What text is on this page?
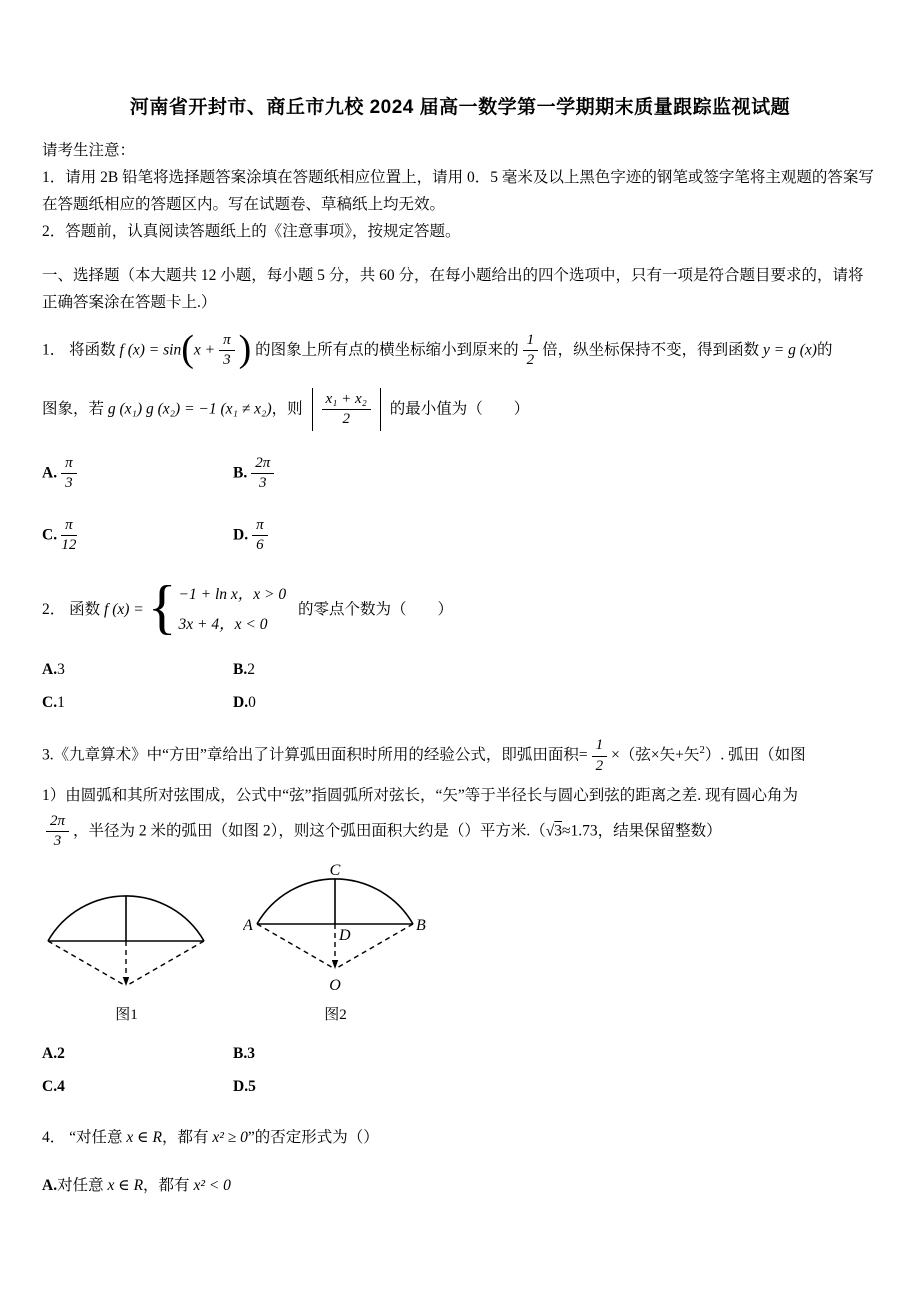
河南省开封市、商丘市九校 2024 届高一数学第一学期期末质量跟踪监视试题

请考生注意：

1．请用 2B 铅笔将选择题答案涂填在答题纸相应位置上，请用 0．5 毫米及以上黑色字迹的钢笔或签字笔将主观题的答案写在答题纸相应的答题区内。写在试题卷、草稿纸上均无效。

2．答题前，认真阅读答题纸上的《注意事项》，按规定答题。

一、选择题（本大题共 12 小题，每小题 5 分，共 60 分，在每小题给出的四个选项中，只有一项是符合题目要求的，请将正确答案涂在答题卡上.）

1． 将函数 f $(x) = \sin(x + \frac{\pi}{3}$ ) 的图象上所有点的横坐标缩小到原来的 $\frac{1}{2}$ 倍，纵坐标保持不变，得到函数 y = g (x)的
图象，若 g (x₁) g (x₂) = −1 (x₁ ≠ x₂)，则 $\frac{\text{x₁ + x₂}}{2}$ 的最小值为（　　）
A. $\frac{\pi}{3}$	B. $\frac{2\pi}{3}$
C. $\frac{\pi}{12}$	D. $\frac{\pi}{6}$
2． 函数 f (x) ={ −1 + ln x，x > 0
3x + 4，x < 0
的零点个数为（　　）
A.3	B.2
C.1	D.0
3.《九章算术》中“方田”章给出了计算弧田面积时所用的经验公式，即弧田面积= $\frac{1}{2}$ ×（弦×矢+矢$^2$）. 弧田（如图
1）由圆弧和其所对弦围成，公式中“弦”指圆弧所对弦长，“矢”等于半径长与圆心到弦的距离之差. 现有圆心角为
$\frac{2\pi}{3}$ ，半径为 2 米的弧田（如图 2），则这个弧田面积大约是（）平方米.（√3≈1.73，结果保留整数）
图1
C
A	B
D
O
图2
A.2	B.3
C.4	D.5
4． “对任意 x ∈ R，都有 x² ≥ 0”的否定形式为（）
A.对任意 x ∈ R，都有 x² < 0
